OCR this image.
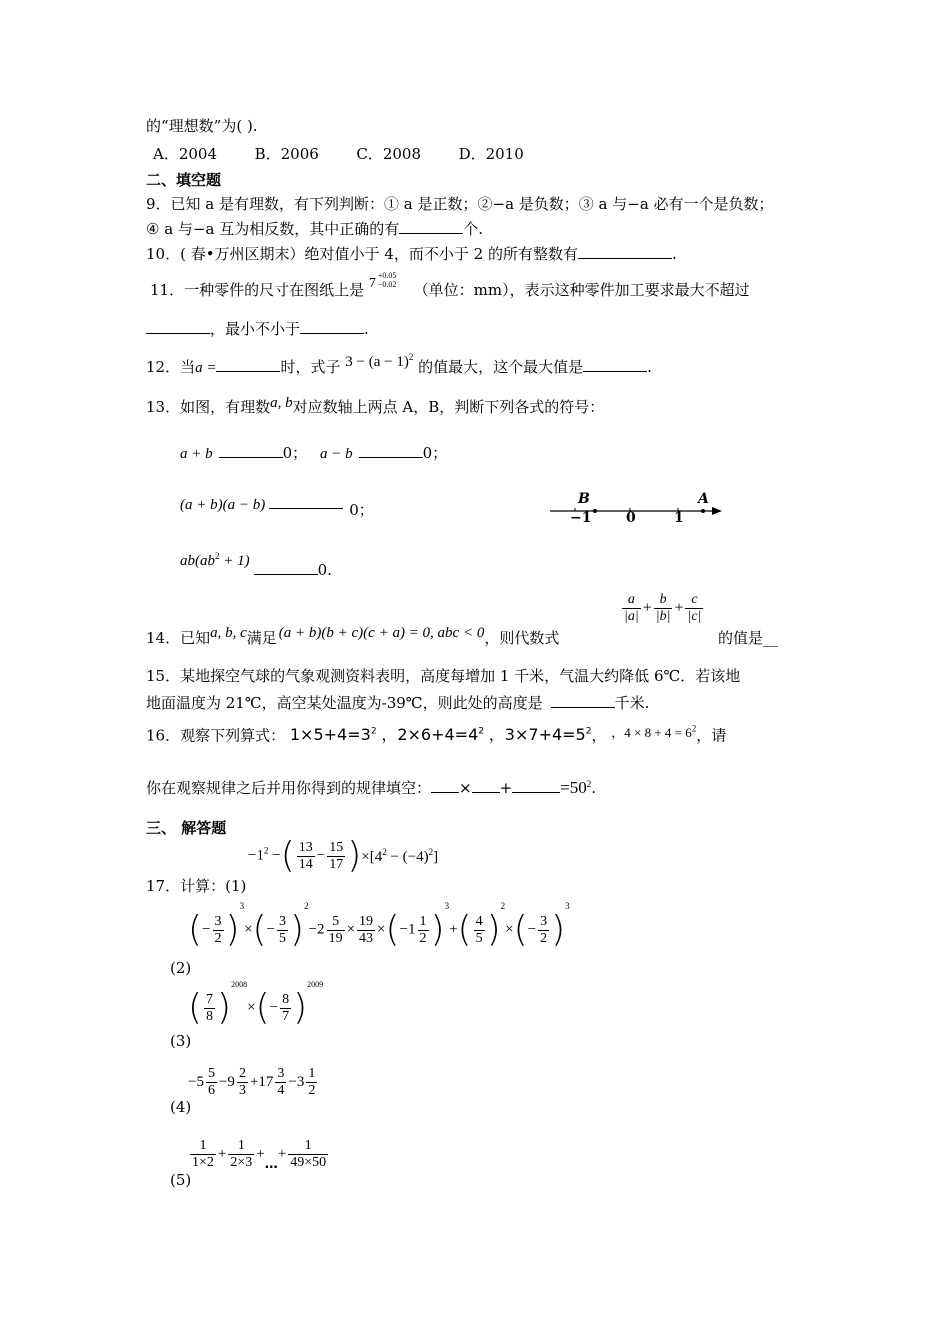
的“理想数”为( ).
A．2004	B．2006	C．2008	D．2010
二、填空题
9．已知 a 是有理数，有下列判断：① a 是正数；②−a 是负数；③ a 与−a 必有一个是负数；
④ a 与−a 互为相反数，其中正确的有	个.
10．( 春•万州区期末）绝对值小于 4，而不小于 2 的所有整数有	.
11．一种零件的尺寸在图纸上是 7
+0.05
−0.02 （单位：mm），表示这种零件加工要求最大不超过
，最小不小于	.
12．当a =	时，式子 $3 - (a - 1)^2$ 的值最大，这个最大值是	.
13．如图，有理数a, b对应数轴上两点 A，B，判断下列各式的符号：
a + b	0； a − b	0；
(a + b)(a − b)	0；
$ab(ab^2 + 1)$	0.
B	A
−1 0	1
14．已知a, b, c满足 (a + b)(b + c)(c + a) = 0, abc < 0，则代数式
$\frac{a}{|a|} + \frac{b}{|b|} + \frac{c}{|c|}$
的值是__
15．某地探空气球的气象观测资料表明，高度每增加 1 千米，气温大约降低 6℃．若该地
地面温度为 21℃，高空某处温度为-39℃，则此处的高度是	千米.
16．观察下列算式： $1\times 5+4=3^2$ ，$2\times 6+4=4^2$ ，$3\times 7+4=5^2$， ，$4 \times 8 + 4 = 6^2$，请
你在观察规律之后并用你得到的规律填空： × +	$=50^2$.
三、 解答题
17．计算：(1)
$-1^2$ −( $\frac{13}{14} - \frac{15}{17} )\times[4^2 - (-4)^2]$
(2)
(− $\frac{3}{2} )^3\times(- \frac{3}{5} )^2-2 \frac{5}{19} \times \frac{19}{43} \times(-1 \frac{1}{2} )^3+( \frac{4}{5} )^2\times(- \frac{3}{2} )^3$
(3)
( $\frac{7}{8} )^{2008}\times(- \frac{8}{7} )^{2009}$
(4)
$-5 \frac{5}{6} -9 \frac{2}{3} +17 \frac{3}{4} -3 \frac{1}{2}$
(5)
$\frac{1}{1\times 2} + \frac{1}{2\times 3}$ +…+ $\frac{1}{49\times 50}$
